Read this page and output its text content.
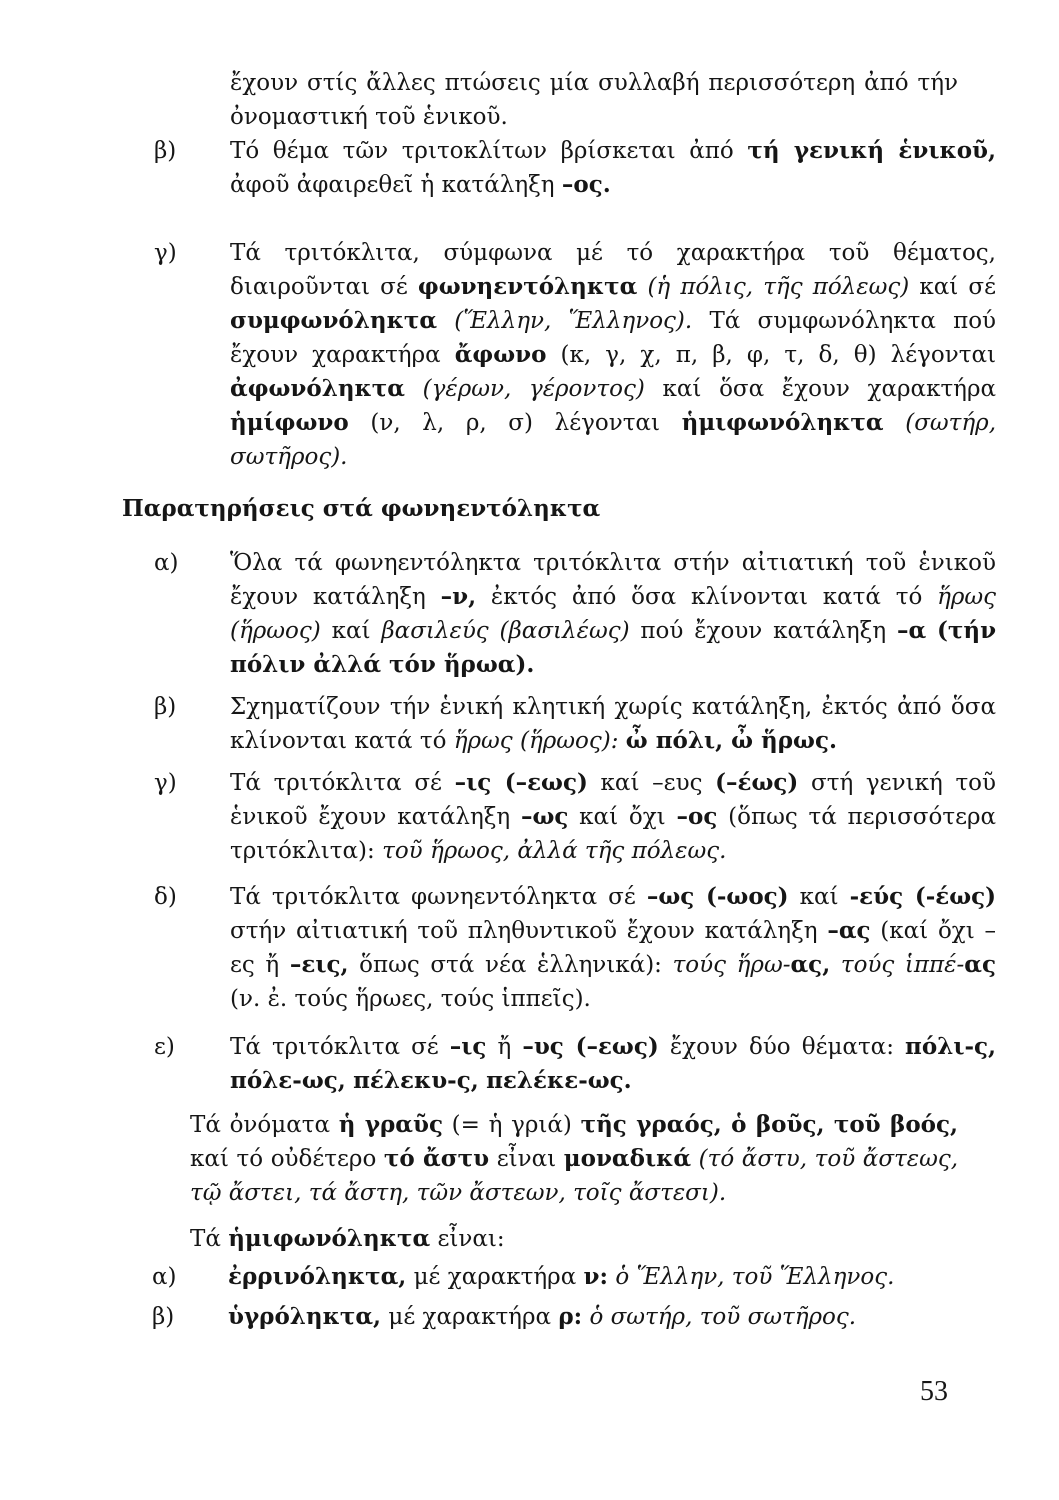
ἔχουν στίς ἄλλες πτώσεις μία συλλαβή περισσότερη ἀπό τήν ὀνομαστική τοῦ ἑνικοῦ.

β) Τό θέμα τῶν τριτοκλίτων βρίσκεται ἀπό τή γενική ἑνικοῦ, ἀφοῦ ἀφαιρεθεῖ ἡ κατάληξη –ος.

γ) Τά τριτόκλιτα, σύμφωνα μέ τό χαρακτήρα τοῦ θέματος, διαιροῦνται σέ φωνηεντόληκτα (ἡ πόλις, τῆς πόλεως) καί σέ συμφωνόληκτα (Ἕλλην, Ἕλληνος). Τά συμφωνόληκτα πού ἔχουν χαρακτήρα ἄφωνο (κ, γ, χ, π, β, φ, τ, δ, θ) λέγονται ἀφωνόληκτα (γέρων, γέροντος) καί ὅσα ἔχουν χαρακτήρα ἡμίφωνο (ν, λ, ρ, σ) λέγονται ἡμιφωνόληκτα (σωτήρ, σωτῆρος).

Παρατηρήσεις στά φωνηεντόληκτα

α) Ὅλα τά φωνηεντόληκτα τριτόκλιτα στήν αἰτιατική τοῦ ἑνικοῦ ἔχουν κατάληξη –ν, ἐκτός ἀπό ὅσα κλίνονται κατά τό ἥρως (ἥρωος) καί βασιλεύς (βασιλέως) πού ἔχουν κατάληξη –α (τήν πόλιν ἀλλά τόν ἥρωα).

β) Σχηματίζουν τήν ἑνική κλητική χωρίς κατάληξη, ἐκτός ἀπό ὅσα κλίνονται κατά τό ἥρως (ἥρωος): ὦ πόλι, ὦ ἥρως.

γ) Τά τριτόκλιτα σέ –ις (–εως) καί –ευς (–έως) στή γενική τοῦ ἑνικοῦ ἔχουν κατάληξη –ως καί ὄχι –ος (ὅπως τά περισσότερα τριτόκλιτα): τοῦ ἥρωος, ἀλλά τῆς πόλεως.

δ) Τά τριτόκλιτα φωνηεντόληκτα σέ –ως (-ωος) καί -εύς (-έως) στήν αἰτιατική τοῦ πληθυντικοῦ ἔχουν κατάληξη –ας (καί ὄχι –ες ἤ –εις, ὅπως στά νέα ἑλληνικά): τούς ἥρω-ας, τούς ἱππέ-ας (ν. ἐ. τούς ἥρωες, τούς ἱππεῖς).

ε) Τά τριτόκλιτα σέ –ις ἤ –υς (–εως) ἔχουν δύο θέματα: πόλι-ς, πόλε-ως, πέλεκυ-ς, πελέκε-ως.

Τά ὀνόματα ἡ γραῦς (= ἡ γριά) τῆς γραός, ὁ βοῦς, τοῦ βοός, καί τό οὐδέτερο τό ἄστυ εἶναι μοναδικά (τό ἄστυ, τοῦ ἄστεως, τῷ ἄστει, τά ἄστη, τῶν ἄστεων, τοῖς ἄστεσι).

Τά ἡμιφωνόληκτα εἶναι:

α) ἐρρινόληκτα, μέ χαρακτήρα ν: ὁ Ἕλλην, τοῦ Ἕλληνος.

β) ὑγρόληκτα, μέ χαρακτήρα ρ: ὁ σωτήρ, τοῦ σωτῆρος.

53
